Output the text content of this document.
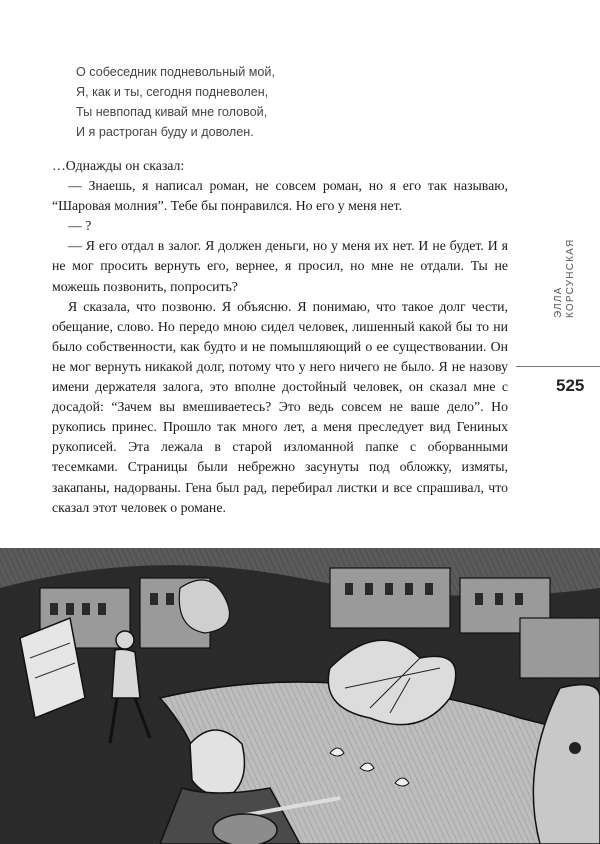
О собеседник подневольный мой,
Я, как и ты, сегодня подневолен,
Ты невпопад кивай мне головой,
И я растроган буду и доволен.

…Однажды он сказал:

— Знаешь, я написал роман, не совсем роман, но я его так называю, “Шаровая молния”. Тебе бы понравился. Но его у меня нет.

— ?

— Я его отдал в залог. Я должен деньги, но у меня их нет. И не будет. И я не мог просить вернуть его, вернее, я просил, но мне не отдали. Ты не можешь позвонить, попросить?

Я сказала, что позвоню. Я объясню. Я понимаю, что такое долг чести, обещание, слово. Но передо мною сидел человек, лишенный какой бы то ни было собственности, как будто и не помышляющий о ее существовании. Он не мог вернуть никакой долг, потому что у него ничего не было. Я не назову имени держателя залога, это вполне достойный человек, он сказал мне с досадой: “Зачем вы вмешиваетесь? Это ведь совсем не ваше дело”. Но рукопись принес. Прошло так много лет, а меня преследует вид Гениных рукописей. Эта лежала в старой изломанной папке с оборванными тесемками. Страницы были небрежно засунуты под обложку, измяты, закапаны, надорваны. Гена был рад, перебирал листки и все спрашивал, что сказал этот человек о романе.

ЭЛЛА КОРСУНСКАЯ
525
